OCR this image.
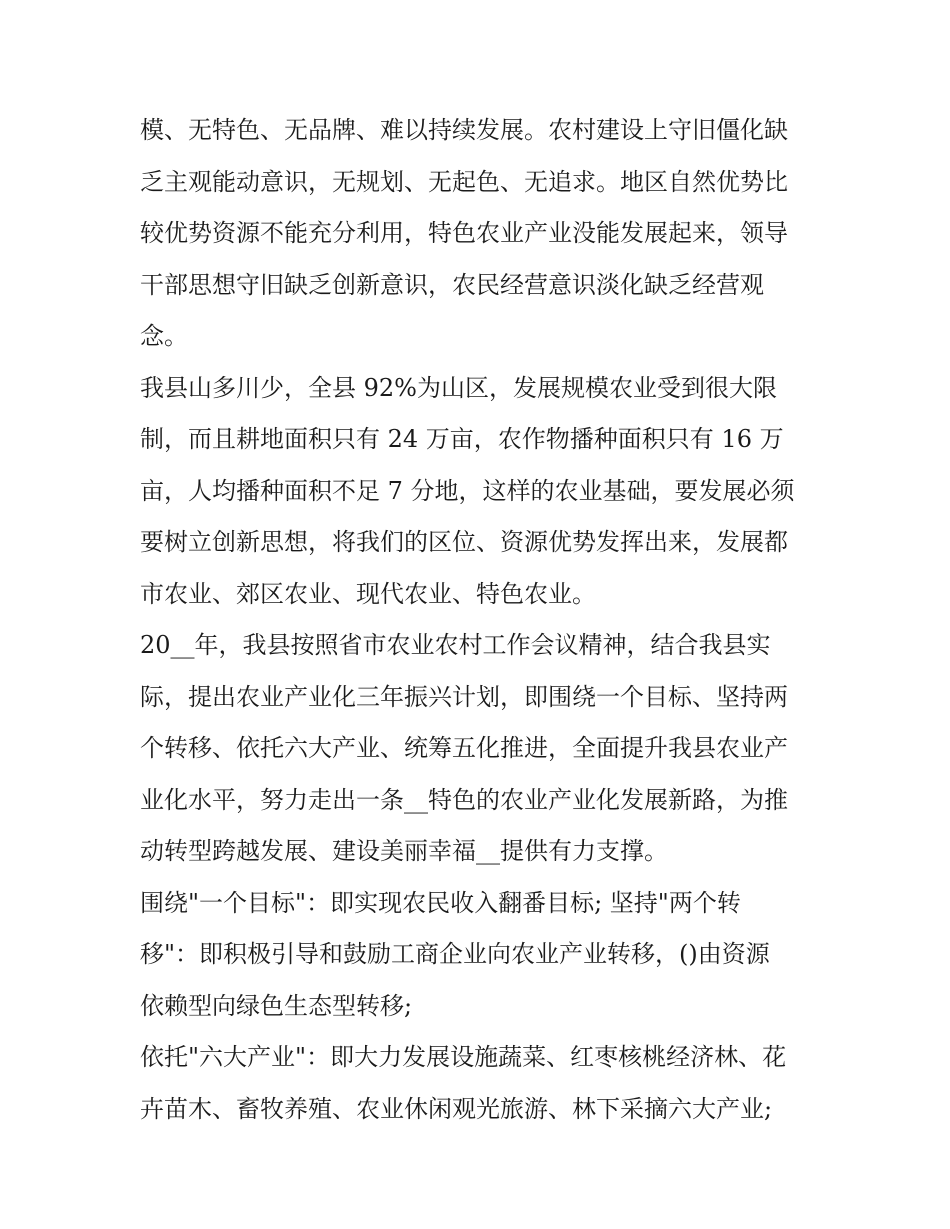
模、无特色、无品牌、难以持续发展。农村建设上守旧僵化缺
乏主观能动意识，无规划、无起色、无追求。地区自然优势比
较优势资源不能充分利用，特色农业产业没能发展起来，领导
干部思想守旧缺乏创新意识，农民经营意识淡化缺乏经营观
念。

我县山多川少，全县 92%为山区，发展规模农业受到很大限
制，而且耕地面积只有 24 万亩，农作物播种面积只有 16 万
亩，人均播种面积不足 7 分地，这样的农业基础，要发展必须
要树立创新思想，将我们的区位、资源优势发挥出来，发展都
市农业、郊区农业、现代农业、特色农业。

20__年，我县按照省市农业农村工作会议精神，结合我县实
际，提出农业产业化三年振兴计划，即围绕一个目标、坚持两
个转移、依托六大产业、统筹五化推进，全面提升我县农业产
业化水平，努力走出一条__特色的农业产业化发展新路，为推
动转型跨越发展、建设美丽幸福__提供有力支撑。

围绕"一个目标"：即实现农民收入翻番目标; 坚持"两个转
移"：即积极引导和鼓励工商企业向农业产业转移，()由资源
依赖型向绿色生态型转移;

依托"六大产业"：即大力发展设施蔬菜、红枣核桃经济林、花
卉苗木、畜牧养殖、农业休闲观光旅游、林下采摘六大产业;
